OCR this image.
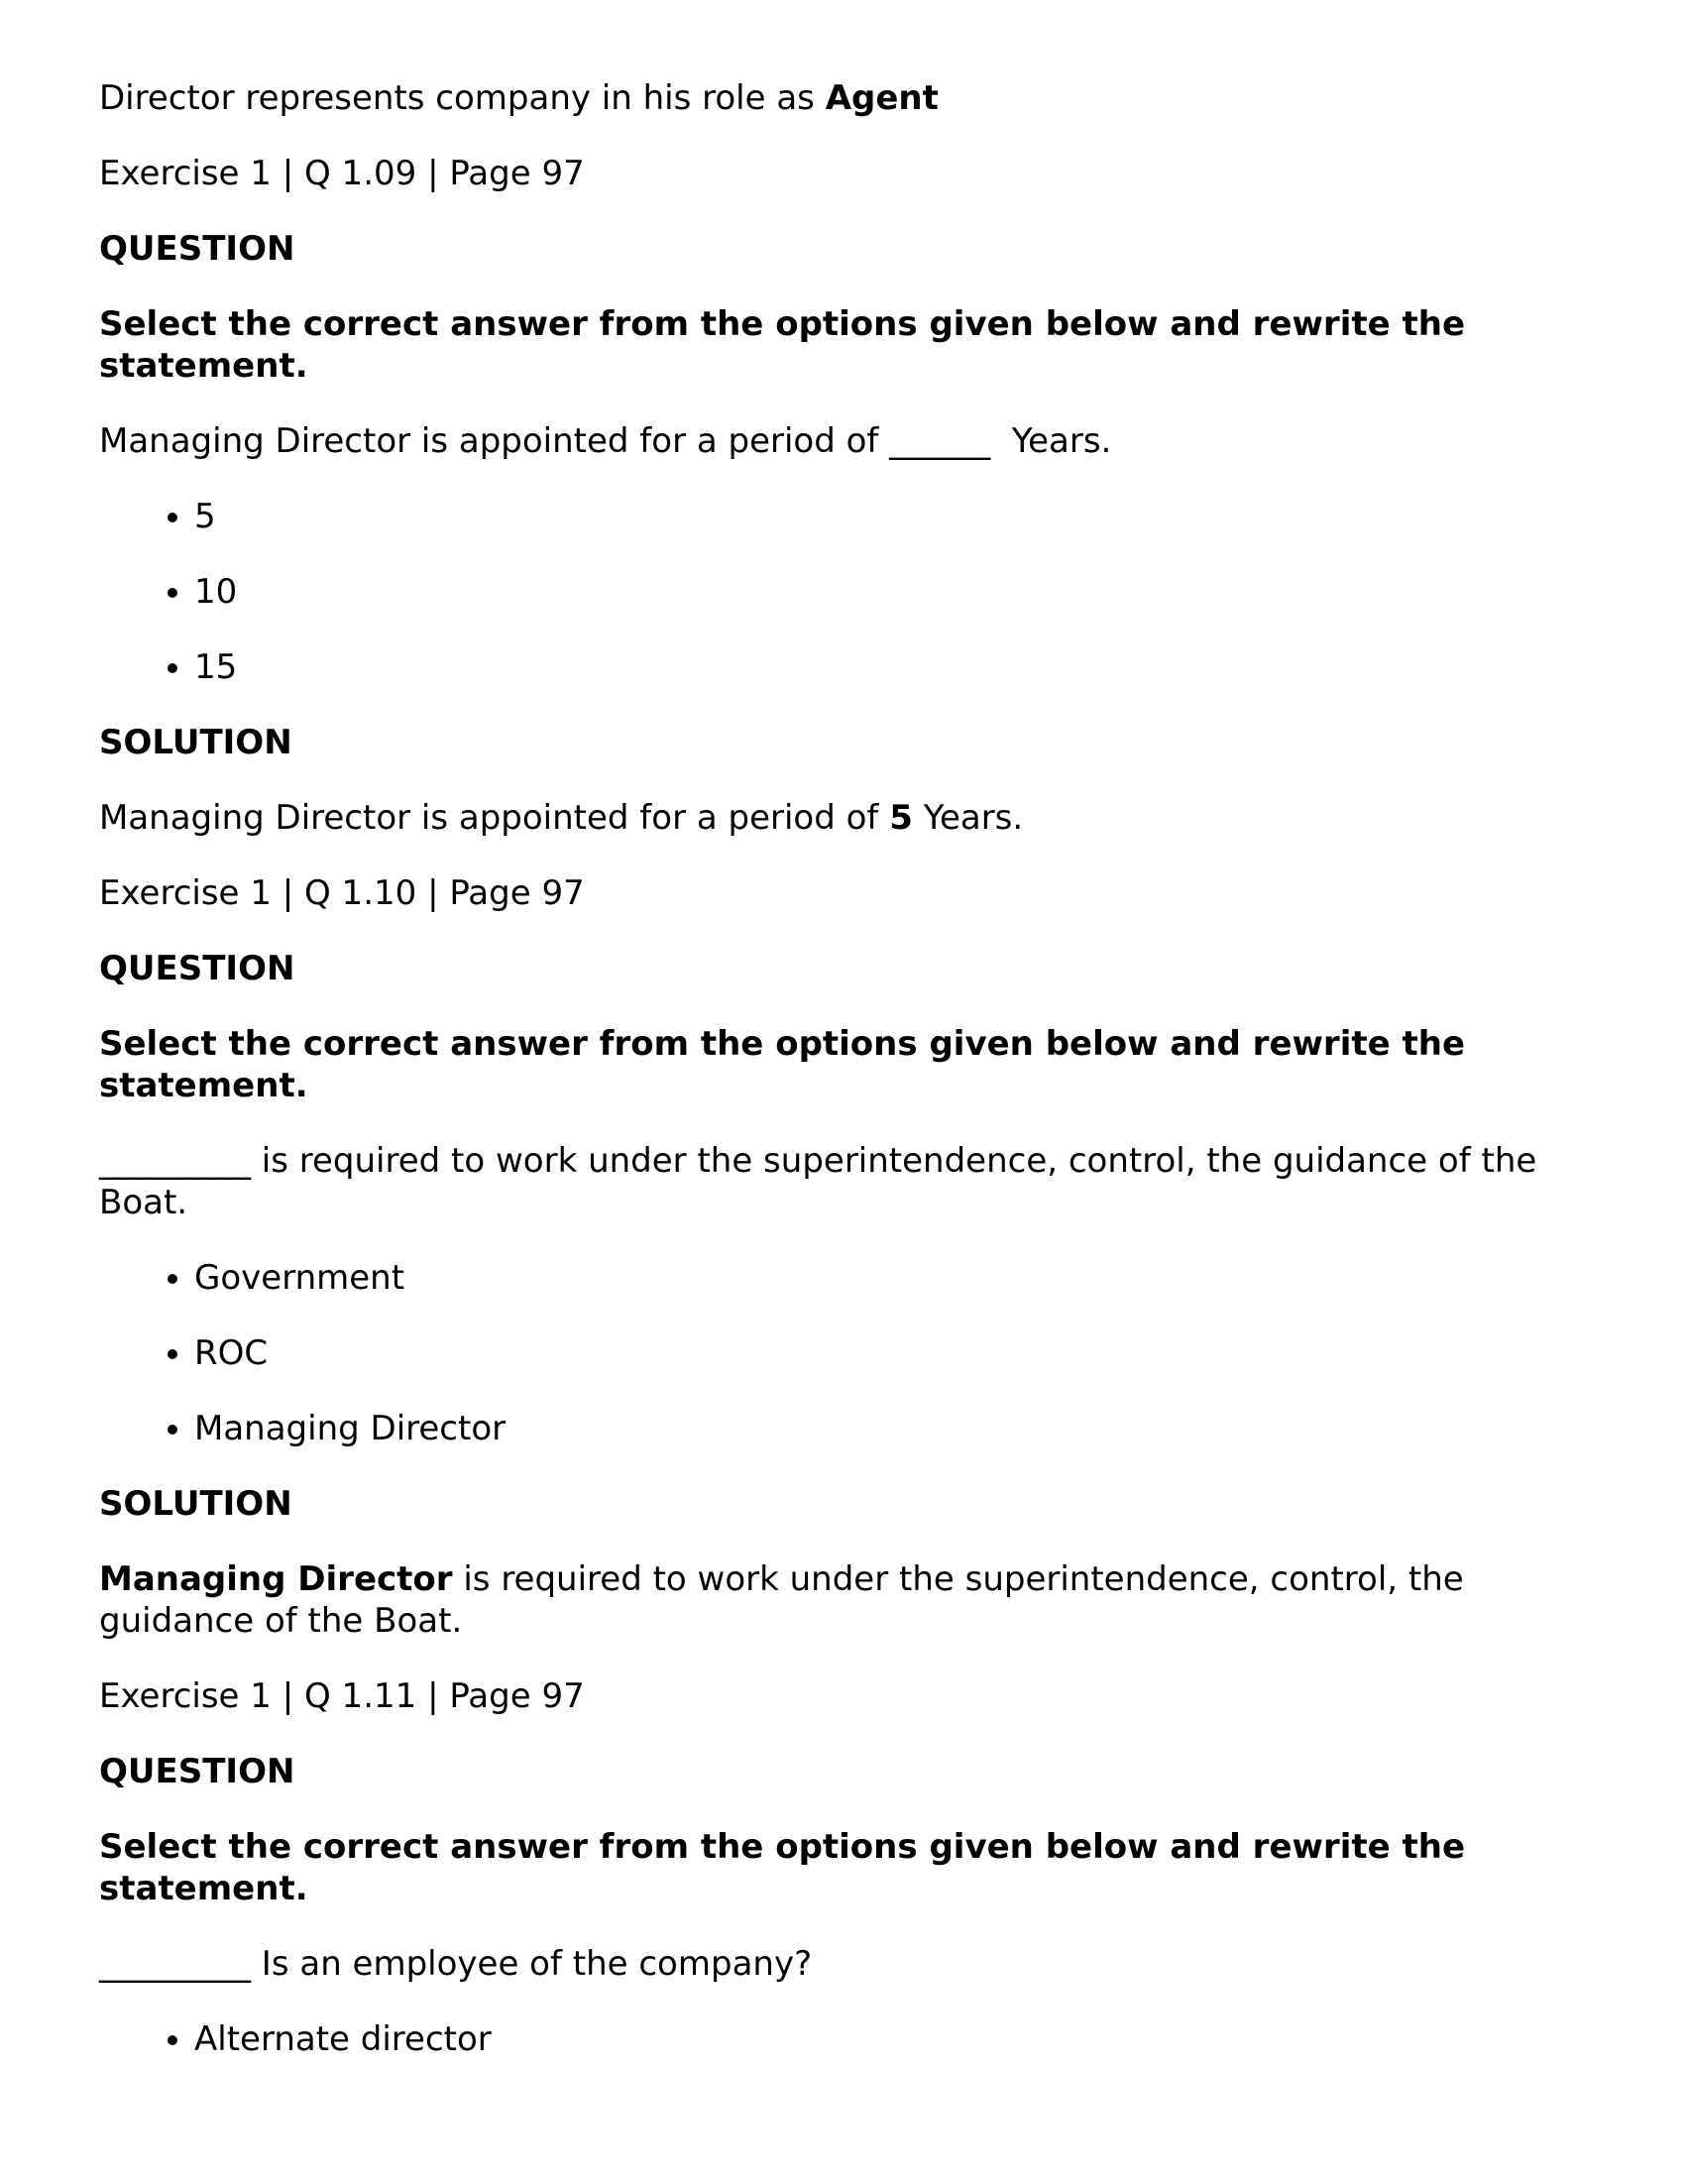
Director represents company in his role as Agent

Exercise 1 | Q 1.09 | Page 97

QUESTION

Select the correct answer from the options given below and rewrite the statement.

Managing Director is appointed for a period of ______  Years.

• 5
• 10
• 15

SOLUTION

Managing Director is appointed for a period of 5 Years.

Exercise 1 | Q 1.10 | Page 97

QUESTION

Select the correct answer from the options given below and rewrite the statement.

_________ is required to work under the superintendence, control, the guidance of the Boat.

• Government
• ROC
• Managing Director

SOLUTION

Managing Director is required to work under the superintendence, control, the guidance of the Boat.

Exercise 1 | Q 1.11 | Page 97

QUESTION

Select the correct answer from the options given below and rewrite the statement.

_________ Is an employee of the company?

• Alternate director
